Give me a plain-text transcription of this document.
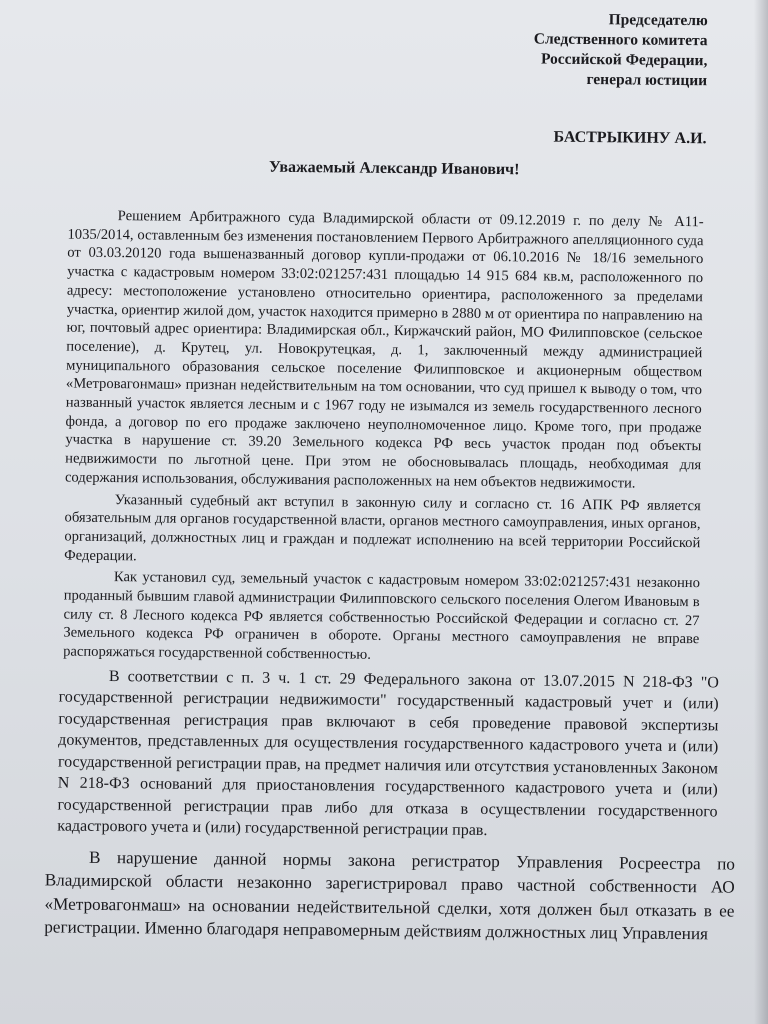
Председателю
Следственного комитета
Российской Федерации,
генерал юстиции
БАСТРЫКИНУ А.И.
Уважаемый Александр Иванович!

Решением Арбитражного суда Владимирской области от 09.12.2019 г. по делу № А11-1035/2014, оставленным без изменения постановлением Первого Арбитражного апелляционного суда от 03.03.20120 года вышеназванный договор купли-продажи от 06.10.2016 № 18/16 земельного участка с кадастровым номером 33:02:021257:431 площадью 14 915 684 кв.м, расположенного по адресу: местоположение установлено относительно ориентира, расположенного за пределами участка, ориентир жилой дом, участок находится примерно в 2880 м от ориентира по направлению на юг, почтовый адрес ориентира: Владимирская обл., Киржачский район, МО Филипповское (сельское поселение), д. Крутец, ул. Новокрутецкая, д. 1, заключенный между администрацией муниципального образования сельское поселение Филипповское и акционерным обществом «Метровагонмаш» признан недействительным на том основании, что суд пришел к выводу о том, что названный участок является лесным и с 1967 году не изымался из земель государственного лесного фонда, а договор по его продаже заключено неуполномоченное лицо. Кроме того, при продаже участка в нарушение ст. 39.20 Земельного кодекса РФ весь участок продан под объекты недвижимости по льготной цене. При этом не обосновывалась площадь, необходимая для содержания использования, обслуживания расположенных на нем объектов недвижимости.

Указанный судебный акт вступил в законную силу и согласно ст. 16 АПК РФ является обязательным для органов государственной власти, органов местного самоуправления, иных органов, организаций, должностных лиц и граждан и подлежат исполнению на всей территории Российской Федерации.

Как установил суд, земельный участок с кадастровым номером 33:02:021257:431 незаконно проданный бывшим главой администрации Филипповского сельского поселения Олегом Ивановым в силу ст. 8 Лесного кодекса РФ является собственностью Российской Федерации и согласно ст. 27 Земельного кодекса РФ ограничен в обороте. Органы местного самоуправления не вправе распоряжаться государственной собственностью.

В соответствии с п. 3 ч. 1 ст. 29 Федерального закона от 13.07.2015 N 218-ФЗ "О государственной регистрации недвижимости" государственный кадастровый учет и (или) государственная регистрация прав включают в себя проведение правовой экспертизы документов, представленных для осуществления государственного кадастрового учета и (или) государственной регистрации прав, на предмет наличия или отсутствия установленных Законом N 218-ФЗ оснований для приостановления государственного кадастрового учета и (или) государственной регистрации прав либо для отказа в осуществлении государственного кадастрового учета и (или) государственной регистрации прав.

В нарушение данной нормы закона регистратор Управления Росреестра по Владимирской области незаконно зарегистрировал право частной собственности АО «Метровагонмаш» на основании недействительной сделки, хотя должен был отказать в ее регистрации. Именно благодаря неправомерным действиям должностных лиц Управления
